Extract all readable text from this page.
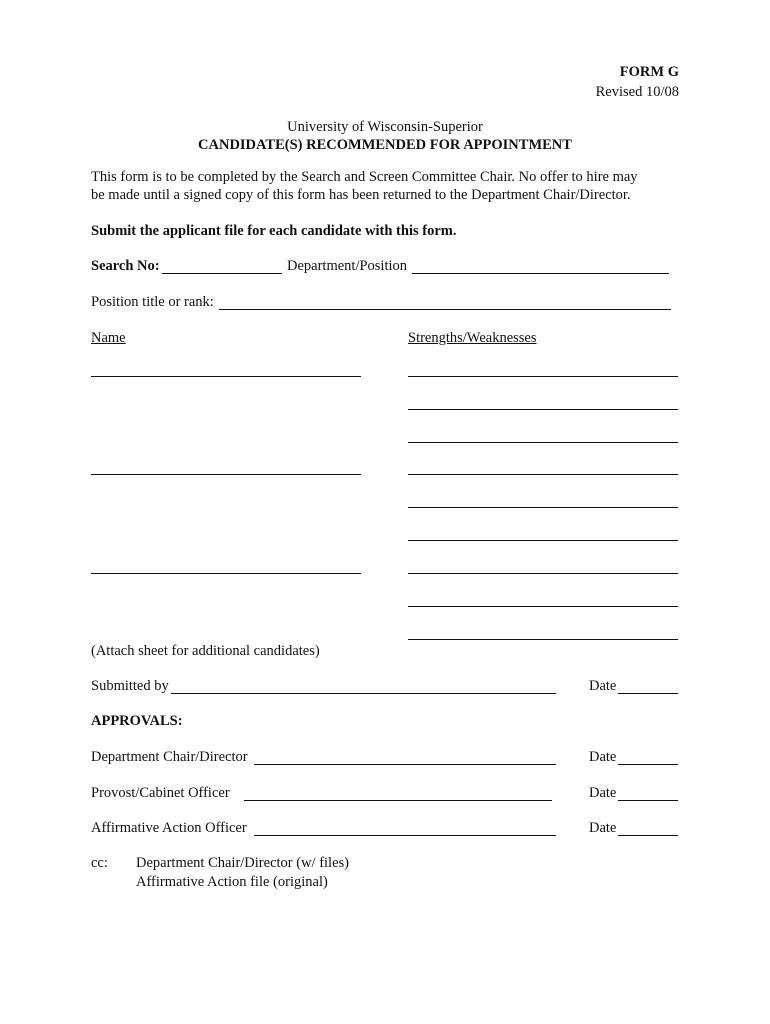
FORM G
Revised 10/08
University of Wisconsin-Superior
CANDIDATE(S) RECOMMENDED FOR APPOINTMENT
This form is to be completed by the Search and Screen Committee Chair. No offer to hire may
be made until a signed copy of this form has been returned to the Department Chair/Director.
Submit the applicant file for each candidate with this form.
Search No:	Department/Position
Position title or rank:
Name	Strengths/Weaknesses
(Attach sheet for additional candidates)
Submitted by	Date
APPROVALS:
Department Chair/Director	Date
Provost/Cabinet Officer	Date
Affirmative Action Officer	Date
cc: Department Chair/Director (w/ files)
Affirmative Action file (original)
